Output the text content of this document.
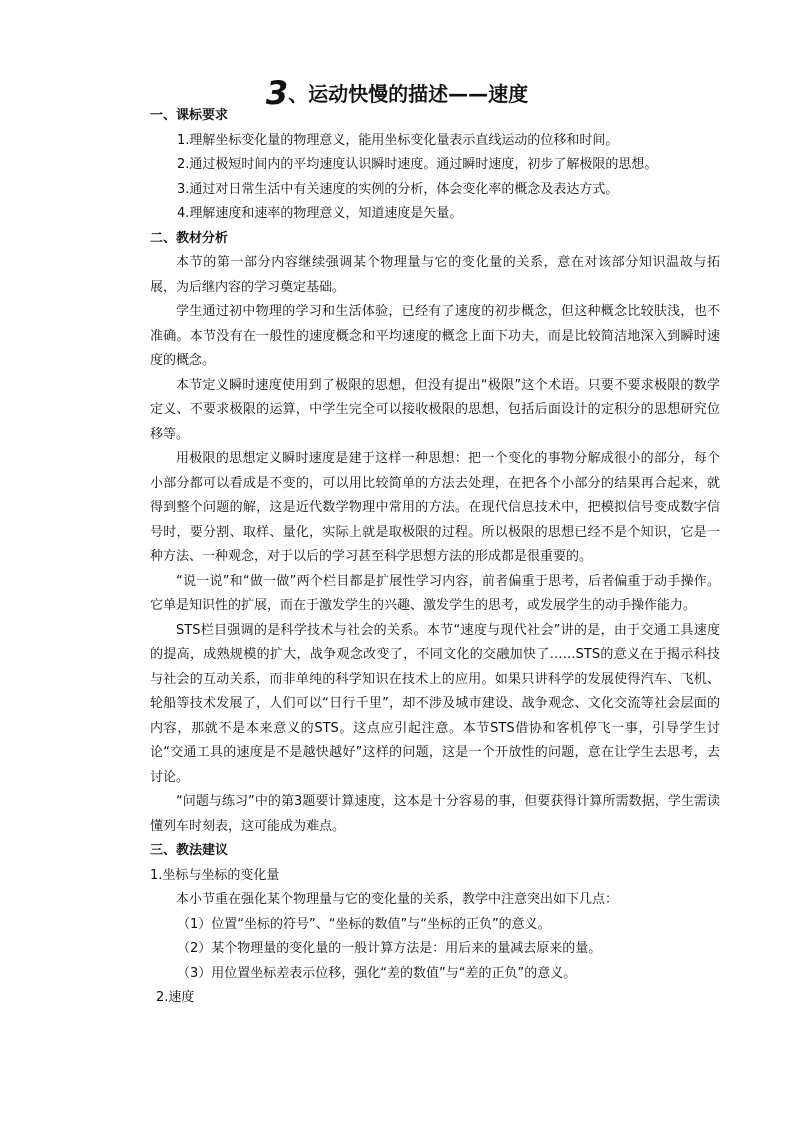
3、运动快慢的描述——速度
一、课标要求
1.理解坐标变化量的物理意义，能用坐标变化量表示直线运动的位移和时间。
2.通过极短时间内的平均速度认识瞬时速度。通过瞬时速度，初步了解极限的思想。
3.通过对日常生活中有关速度的实例的分析，体会变化率的概念及表达方式。
4.理解速度和速率的物理意义，知道速度是矢量。
二、教材分析

本节的第一部分内容继续强调某个物理量与它的变化量的关系，意在对该部分知识温故与拓展，为后继内容的学习奠定基础。

学生通过初中物理的学习和生活体验，已经有了速度的初步概念，但这种概念比较肤浅，也不准确。本节没有在一般性的速度概念和平均速度的概念上面下功夫，而是比较简洁地深入到瞬时速度的概念。

本节定义瞬时速度使用到了极限的思想，但没有提出“极限”这个术语。只要不要求极限的数学定义、不要求极限的运算，中学生完全可以接收极限的思想，包括后面设计的定积分的思想研究位移等。

用极限的思想定义瞬时速度是建于这样一种思想：把一个变化的事物分解成很小的部分，每个小部分都可以看成是不变的，可以用比较简单的方法去处理，在把各个小部分的结果再合起来，就得到整个问题的解，这是近代数学物理中常用的方法。在现代信息技术中，把模拟信号变成数字信号时，要分割、取样、量化，实际上就是取极限的过程。所以极限的思想已经不是个知识，它是一种方法、一种观念，对于以后的学习甚至科学思想方法的形成都是很重要的。

“说一说”和“做一做”两个栏目都是扩展性学习内容，前者偏重于思考，后者偏重于动手操作。它单是知识性的扩展，而在于激发学生的兴趣、激发学生的思考，或发展学生的动手操作能力。

STS栏目强调的是科学技术与社会的关系。本节“速度与现代社会”讲的是，由于交通工具速度的提高，成熟规模的扩大，战争观念改变了，不同文化的交融加快了……STS的意义在于揭示科技与社会的互动关系，而非单纯的科学知识在技术上的应用。如果只讲科学的发展使得汽车、飞机、轮船等技术发展了，人们可以“日行千里”，却不涉及城市建设、战争观念、文化交流等社会层面的内容，那就不是本来意义的STS。这点应引起注意。本节STS借协和客机停飞一事，引导学生讨论“交通工具的速度是不是越快越好”这样的问题，这是一个开放性的问题，意在让学生去思考，去讨论。

“问题与练习”中的第3题要计算速度，这本是十分容易的事，但要获得计算所需数据，学生需读懂列车时刻表，这可能成为难点。

三、教法建议
1.坐标与坐标的变化量

本小节重在强化某个物理量与它的变化量的关系，教学中注意突出如下几点：

（1）位置“坐标的符号”、“坐标的数值”与“坐标的正负”的意义。
（2）某个物理量的变化量的一般计算方法是：用后来的量减去原来的量。
（3）用位置坐标差表示位移，强化“差的数值”与“差的正负”的意义。
2.速度
